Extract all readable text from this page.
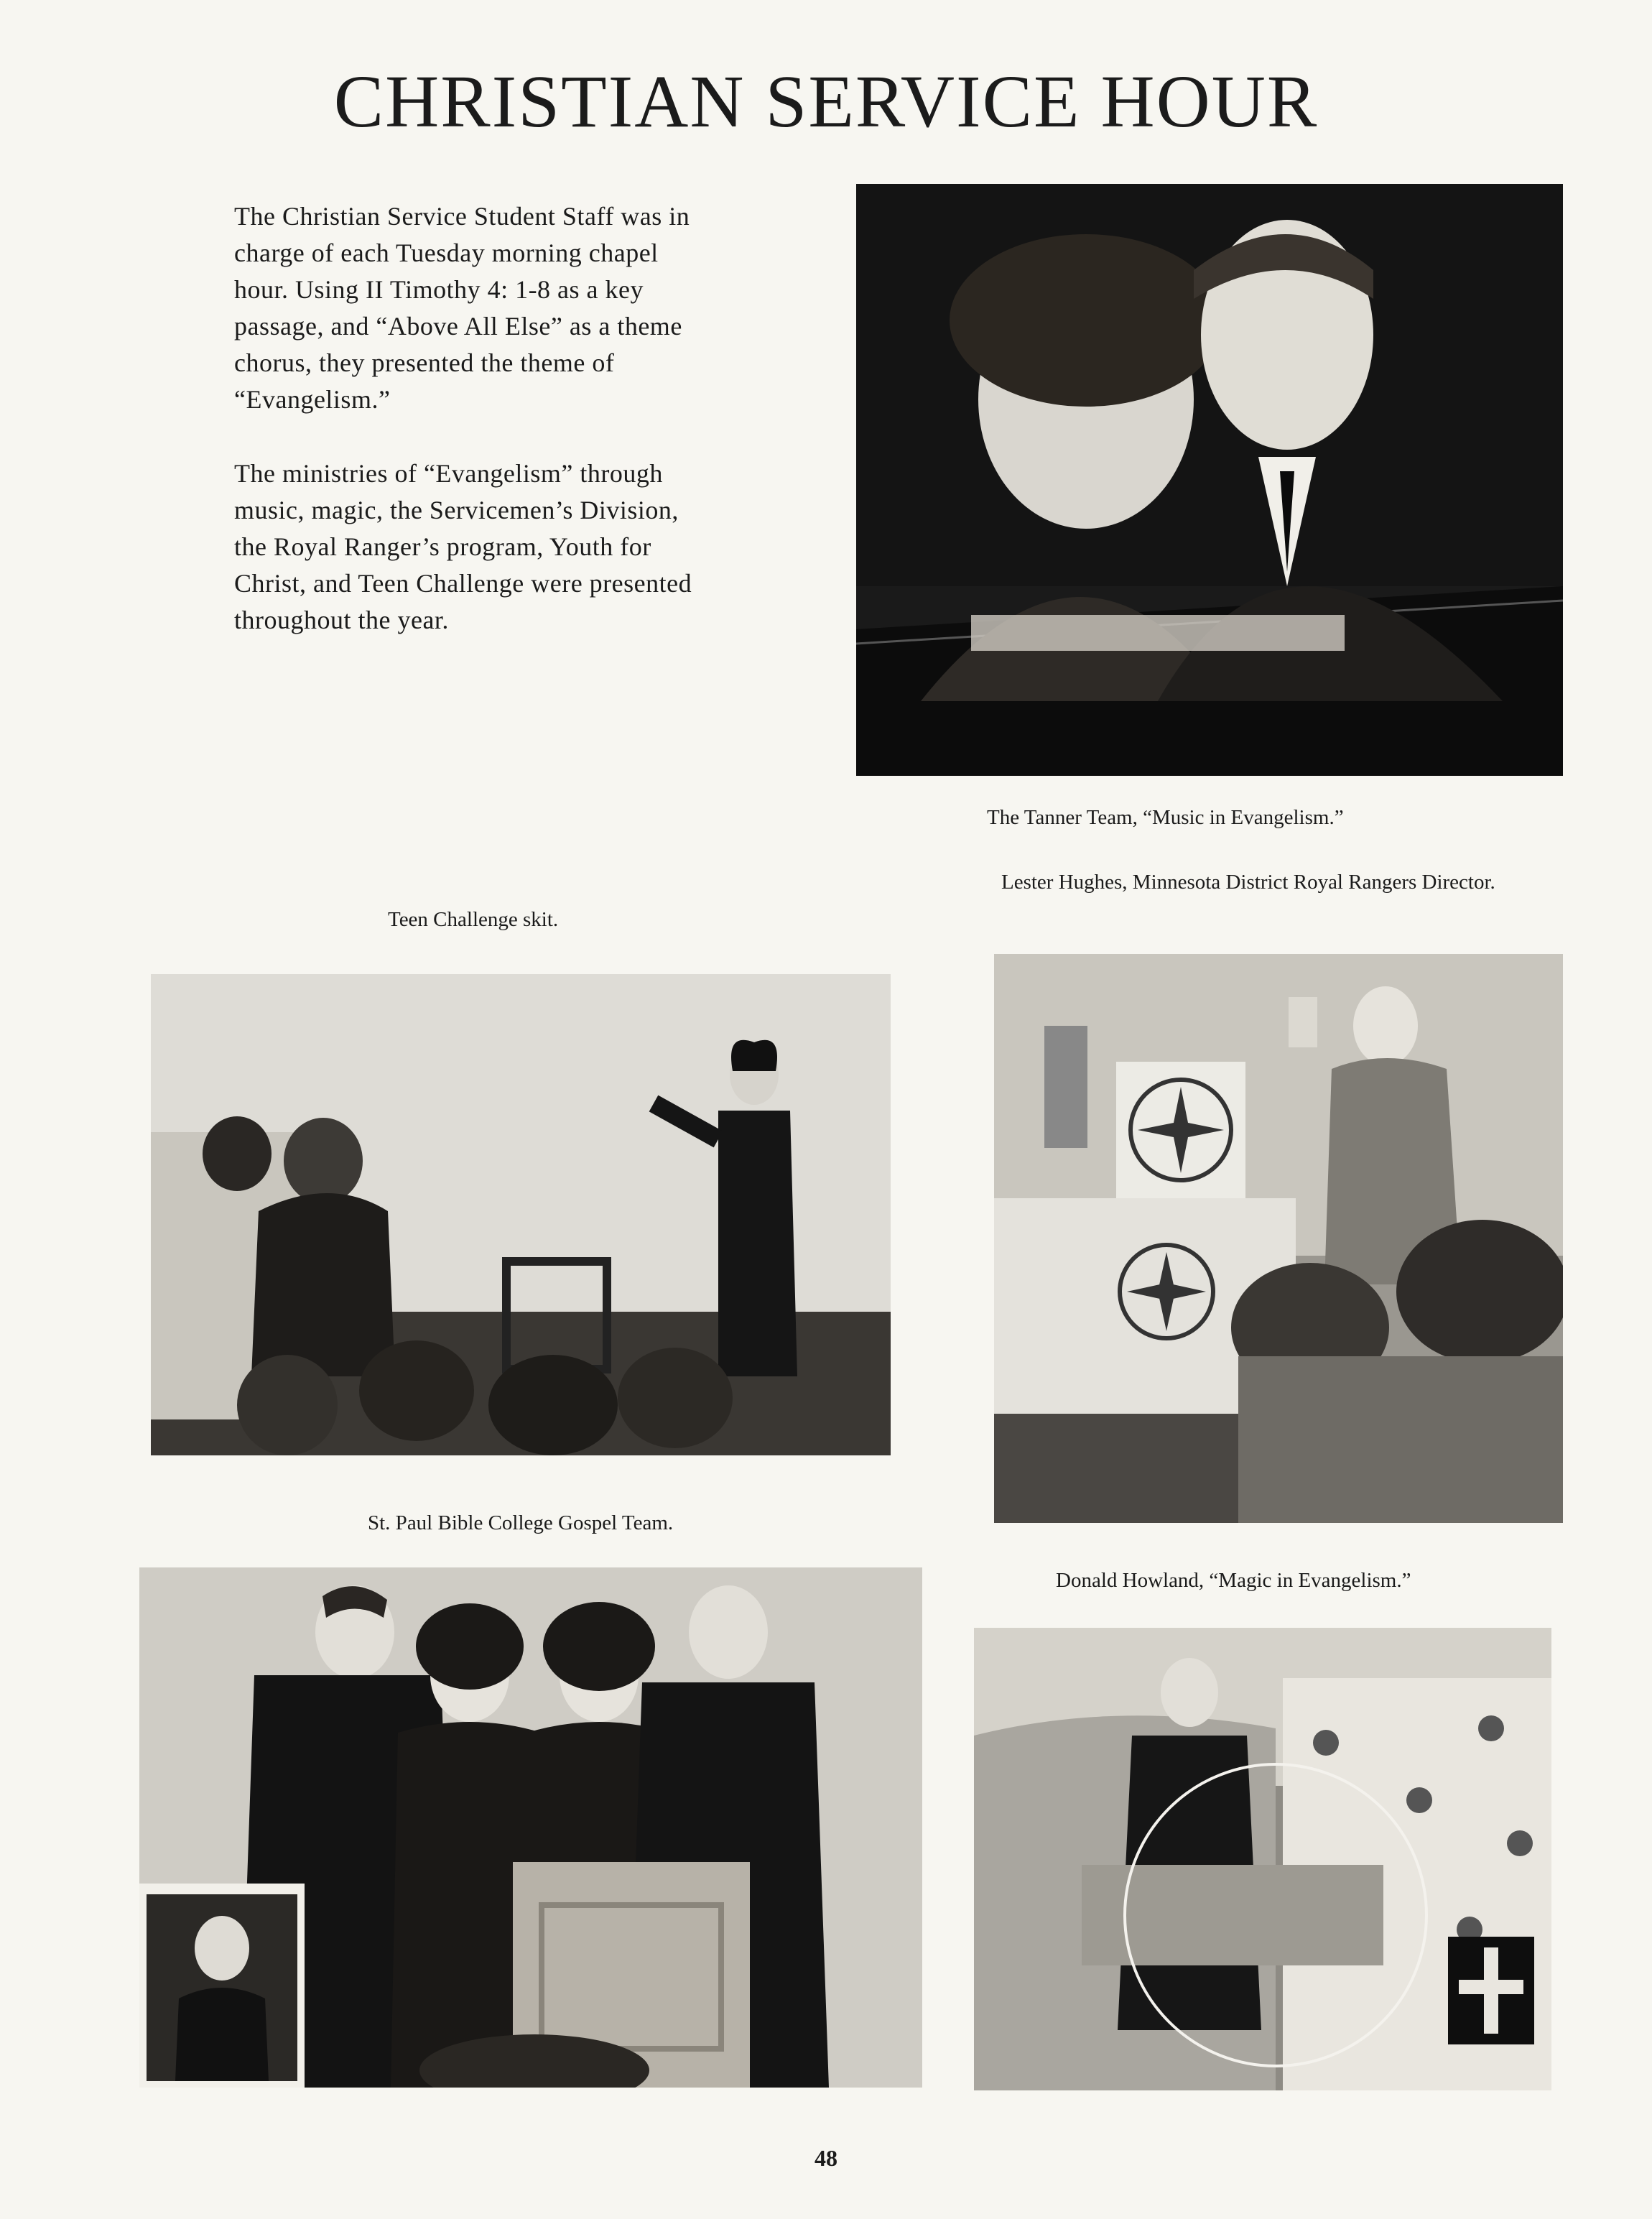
CHRISTIAN SERVICE HOUR

The Christian Service Student Staff was in charge of each Tuesday morning chapel hour. Using II Timothy 4: 1-8 as a key passage, and “Above All Else” as a theme chorus, they presented the theme of “Evangelism.”

The ministries of “Evangelism” through music, magic, the Servicemen’s Division, the Royal Ranger’s program, Youth for Christ, and Teen Challenge were presented throughout the year.

The Tanner Team, “Music in Evangelism.”

Lester Hughes, Minnesota District Royal Rangers Director.

Teen Challenge skit.

St. Paul Bible College Gospel Team.

Donald Howland, “Magic in Evangelism.”

48
